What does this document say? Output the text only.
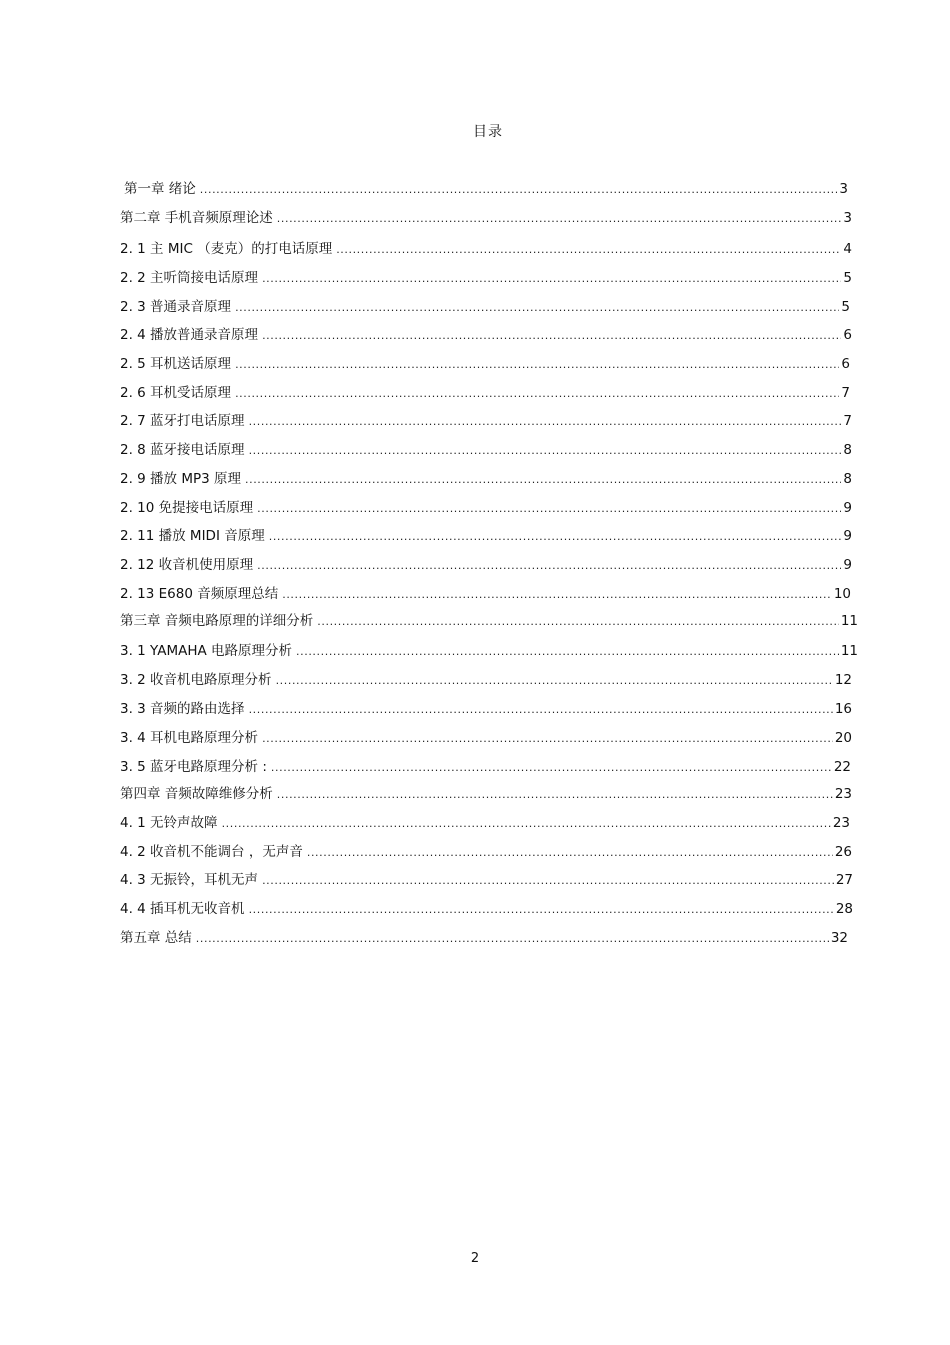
目录
第一章 绪论 .....	3
第二章 手机音频原理论述 .....	3
2. 1 主 MIC （麦克）的打电话原理 .....	4
2. 2 主听筒接电话原理 .....	5
2. 3 普通录音原理 .....	5
2. 4 播放普通录音原理 .....	6
2. 5 耳机送话原理 .....	6
2. 6 耳机受话原理 .....	7
2. 7 蓝牙打电话原理 .....	7
2. 8 蓝牙接电话原理 .....	8
2. 9 播放 MP3 原理 .....	8
2. 10 免提接电话原理 .....	9
2. 11 播放 MIDI 音原理 .....	9
2. 12 收音机使用原理 .....	9
2. 13 E680 音频原理总结 .....	10
第三章 音频电路原理的详细分析 .....	11
3. 1 YAMAHA 电路原理分析 .....	11
3. 2 收音机电路原理分析 .....	12
3. 3 音频的路由选择 .....	16
3. 4 耳机电路原理分析 .....	20
3. 5 蓝牙电路原理分析 : .....	22
第四章 音频故障维修分析 .....	23
4. 1 无铃声故障 .....	23
4. 2 收音机不能调台 ，无声音 .....	26
4. 3 无振铃，耳机无声 .....	27
4. 4 插耳机无收音机 .....	28
第五章 总结 .....	32
2
